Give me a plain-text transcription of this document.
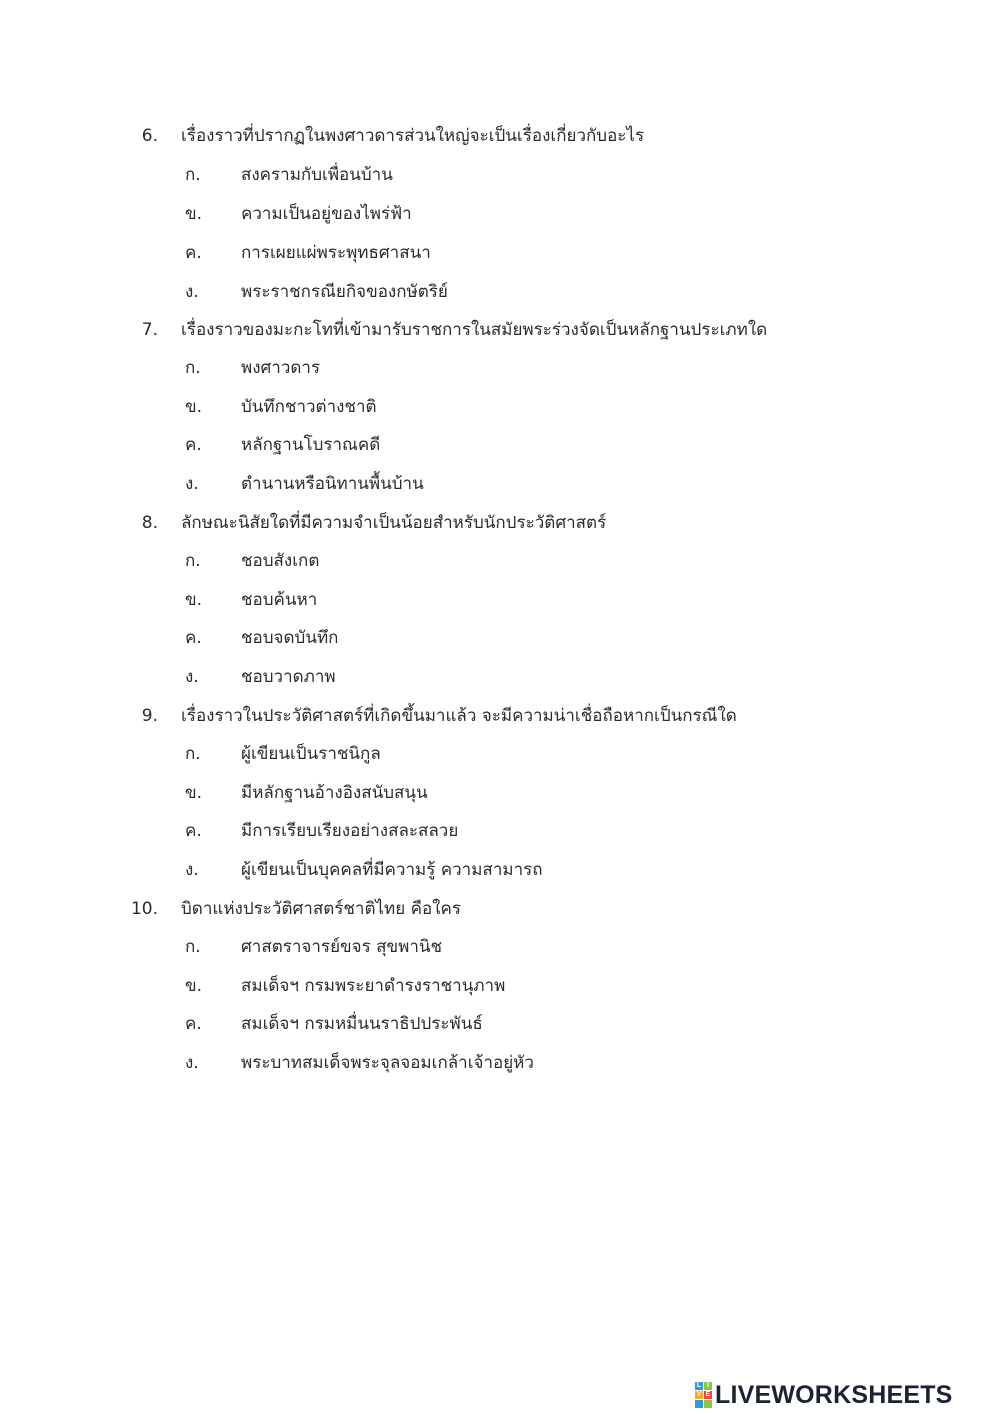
6. เรื่องราวที่ปรากฏในพงศาวดารส่วนใหญ่จะเป็นเรื่องเกี่ยวกับอะไร
ก. สงครามกับเพื่อนบ้าน
ข. ความเป็นอยู่ของไพร่ฟ้า
ค. การเผยแผ่พระพุทธศาสนา
ง. พระราชกรณียกิจของกษัตริย์
7. เรื่องราวของมะกะโทที่เข้ามารับราชการในสมัยพระร่วงจัดเป็นหลักฐานประเภทใด
ก. พงศาวดาร
ข. บันทึกชาวต่างชาติ
ค. หลักฐานโบราณคดี
ง. ตำนานหรือนิทานพื้นบ้าน
8. ลักษณะนิสัยใดที่มีความจำเป็นน้อยสำหรับนักประวัติศาสตร์
ก. ชอบสังเกต
ข. ชอบค้นหา
ค. ชอบจดบันทึก
ง. ชอบวาดภาพ
9. เรื่องราวในประวัติศาสตร์ที่เกิดขึ้นมาแล้ว จะมีความน่าเชื่อถือหากเป็นกรณีใด
ก. ผู้เขียนเป็นราชนิกูล
ข. มีหลักฐานอ้างอิงสนับสนุน
ค. มีการเรียบเรียงอย่างสละสลวย
ง. ผู้เขียนเป็นบุคคลที่มีความรู้ ความสามารถ
10. บิดาแห่งประวัติศาสตร์ชาติไทย คือใคร
ก. ศาสตราจารย์ขจร สุขพานิช
ข. สมเด็จฯ กรมพระยาดำรงราชานุภาพ
ค. สมเด็จฯ กรมหมื่นนราธิปประพันธ์
ง. พระบาทสมเด็จพระจุลจอมเกล้าเจ้าอยู่หัว
L I
V E LIVEWORKSHEETS
